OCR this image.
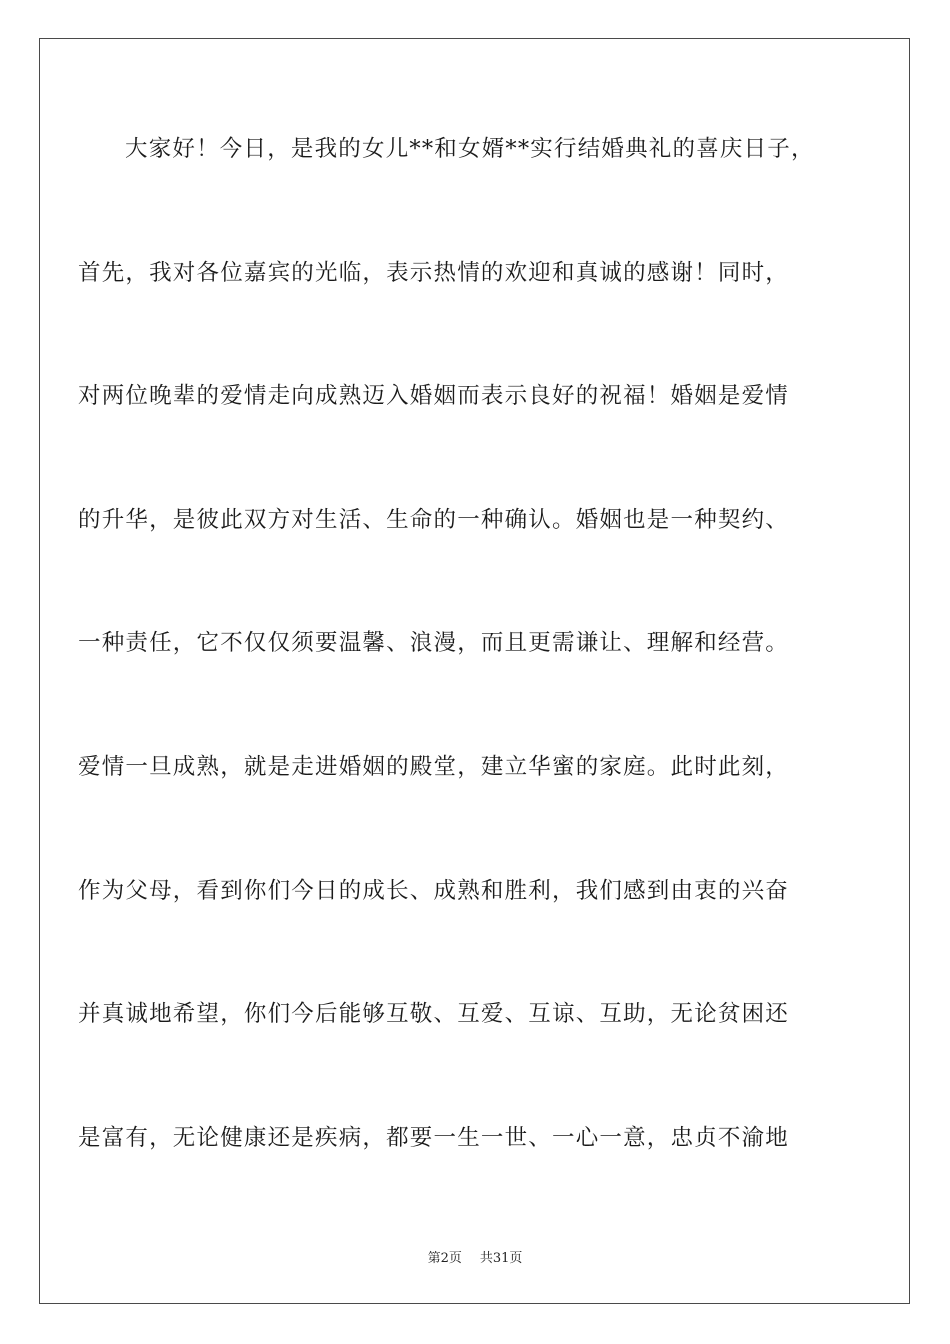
大家好！今日，是我的女儿**和女婿**实行结婚典礼的喜庆日子，
首先，我对各位嘉宾的光临，表示热情的欢迎和真诚的感谢！同时，
对两位晚辈的爱情走向成熟迈入婚姻而表示良好的祝福！婚姻是爱情
的升华，是彼此双方对生活、生命的一种确认。婚姻也是一种契约、
一种责任，它不仅仅须要温馨、浪漫，而且更需谦让、理解和经营。
爱情一旦成熟，就是走进婚姻的殿堂，建立华蜜的家庭。此时此刻，
作为父母，看到你们今日的成长、成熟和胜利，我们感到由衷的兴奋
并真诚地希望，你们今后能够互敬、互爱、互谅、互助，无论贫困还
是富有，无论健康还是疾病，都要一生一世、一心一意，忠贞不渝地
第2页 共31页
